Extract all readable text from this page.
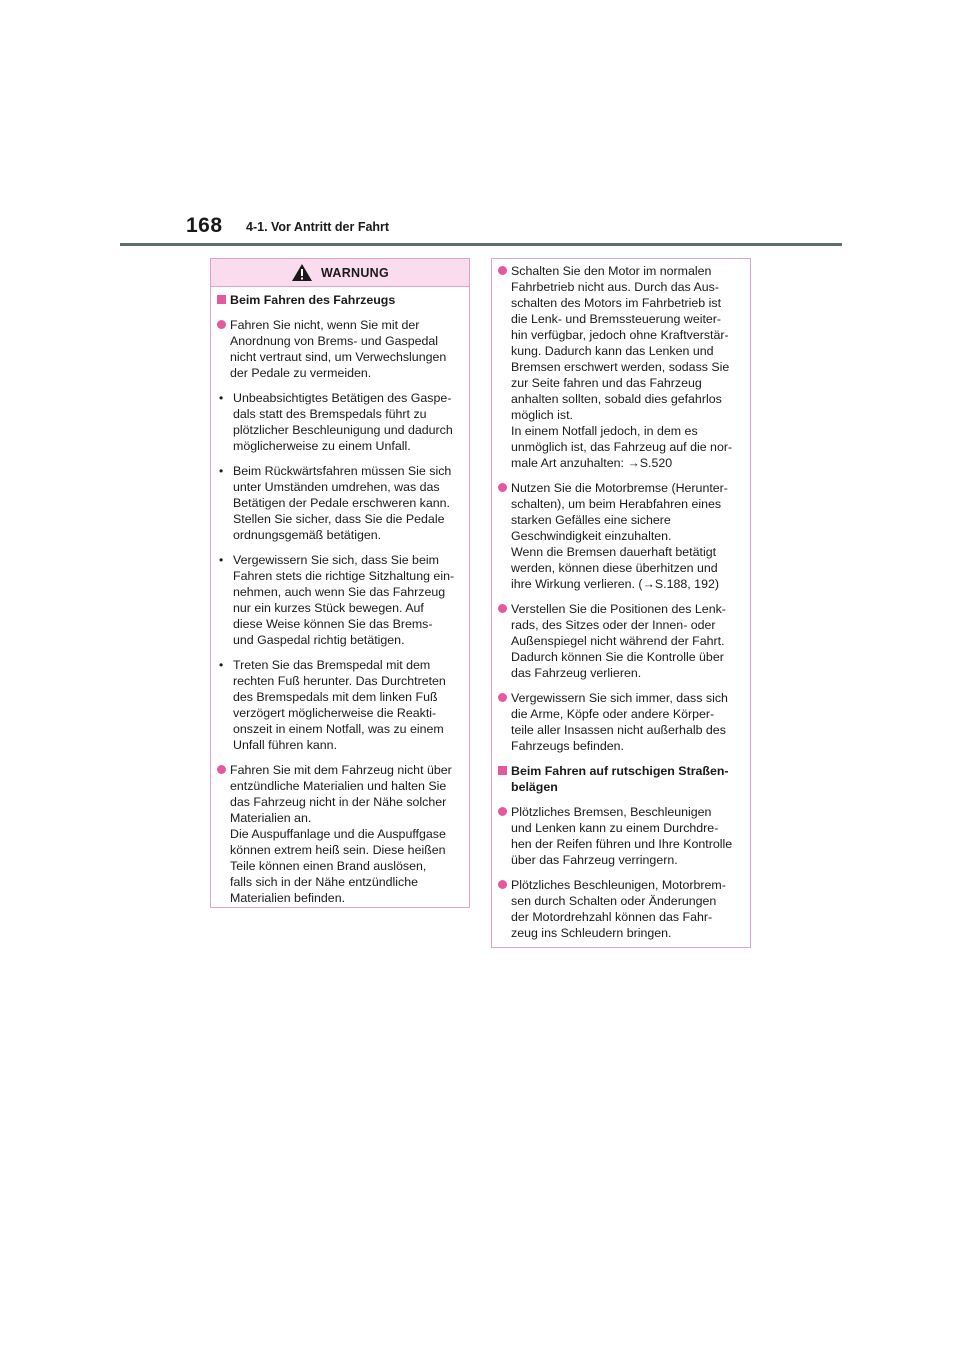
168 4-1. Vor Antritt der Fahrt
WARNUNG
Beim Fahren des Fahrzeugs
Fahren Sie nicht, wenn Sie mit der
Anordnung von Brems- und Gaspedal
nicht vertraut sind, um Verwechslungen
der Pedale zu vermeiden.
• Unbeabsichtigtes Betätigen des Gaspe-
dals statt des Bremspedals führt zu
plötzlicher Beschleunigung und dadurch
möglicherweise zu einem Unfall.
• Beim Rückwärtsfahren müssen Sie sich
unter Umständen umdrehen, was das
Betätigen der Pedale erschweren kann.
Stellen Sie sicher, dass Sie die Pedale
ordnungsgemäß betätigen.
• Vergewissern Sie sich, dass Sie beim
Fahren stets die richtige Sitzhaltung ein-
nehmen, auch wenn Sie das Fahrzeug
nur ein kurzes Stück bewegen. Auf
diese Weise können Sie das Brems-
und Gaspedal richtig betätigen.
• Treten Sie das Bremspedal mit dem
rechten Fuß herunter. Das Durchtreten
des Bremspedals mit dem linken Fuß
verzögert möglicherweise die Reakti-
onszeit in einem Notfall, was zu einem
Unfall führen kann.
Fahren Sie mit dem Fahrzeug nicht über
entzündliche Materialien und halten Sie
das Fahrzeug nicht in der Nähe solcher
Materialien an.
Die Auspuffanlage und die Auspuffgase
können extrem heiß sein. Diese heißen
Teile können einen Brand auslösen,
falls sich in der Nähe entzündliche
Materialien befinden.
Schalten Sie den Motor im normalen
Fahrbetrieb nicht aus. Durch das Aus-
schalten des Motors im Fahrbetrieb ist
die Lenk- und Bremssteuerung weiter-
hin verfügbar, jedoch ohne Kraftverstär-
kung. Dadurch kann das Lenken und
Bremsen erschwert werden, sodass Sie
zur Seite fahren und das Fahrzeug
anhalten sollten, sobald dies gefahrlos
möglich ist.
In einem Notfall jedoch, in dem es
unmöglich ist, das Fahrzeug auf die nor-
male Art anzuhalten: →S.520
Nutzen Sie die Motorbremse (Herunter-
schalten), um beim Herabfahren eines
starken Gefälles eine sichere
Geschwindigkeit einzuhalten.
Wenn die Bremsen dauerhaft betätigt
werden, können diese überhitzen und
ihre Wirkung verlieren. (→S.188, 192)
Verstellen Sie die Positionen des Lenk-
rads, des Sitzes oder der Innen- oder
Außenspiegel nicht während der Fahrt.
Dadurch können Sie die Kontrolle über
das Fahrzeug verlieren.
Vergewissern Sie sich immer, dass sich
die Arme, Köpfe oder andere Körper-
teile aller Insassen nicht außerhalb des
Fahrzeugs befinden.
Beim Fahren auf rutschigen Straßen-
belägen
Plötzliches Bremsen, Beschleunigen
und Lenken kann zu einem Durchdre-
hen der Reifen führen und Ihre Kontrolle
über das Fahrzeug verringern.
Plötzliches Beschleunigen, Motorbrem-
sen durch Schalten oder Änderungen
der Motordrehzahl können das Fahr-
zeug ins Schleudern bringen.
